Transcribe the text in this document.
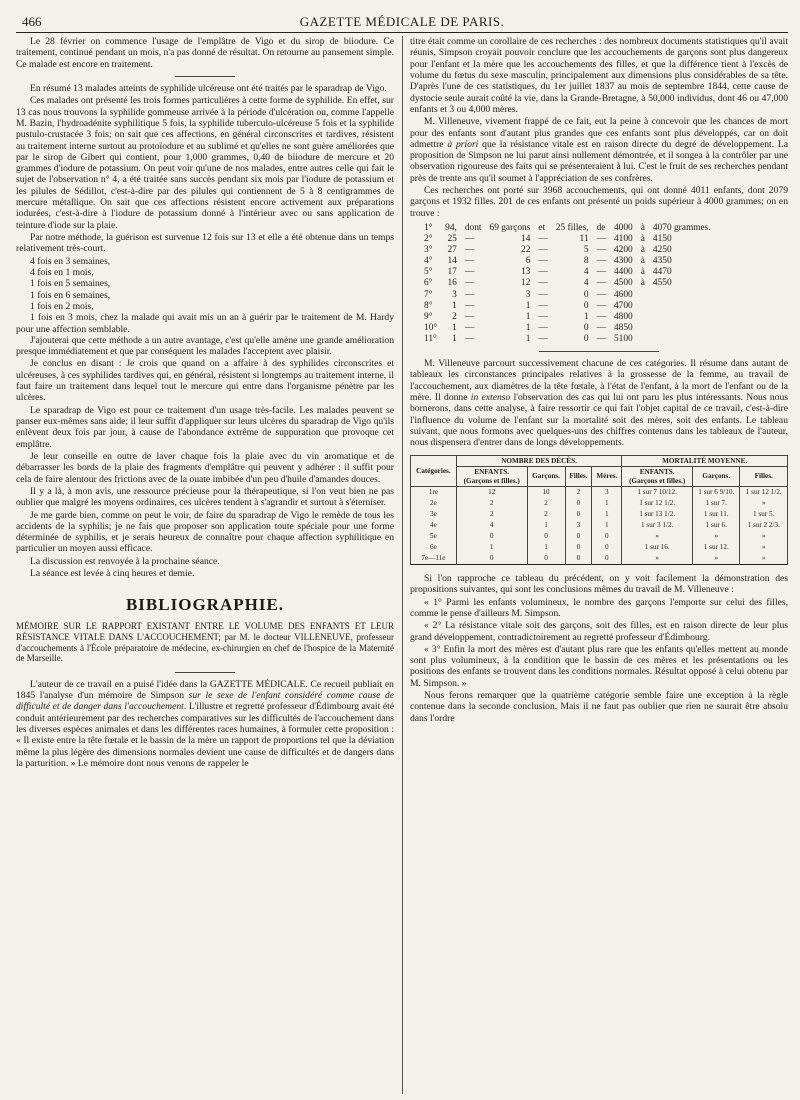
466	GAZETTE MÉDICALE DE PARIS.

Le 28 février on commence l'usage de l'emplâtre de Vigo et du sirop de biiodure. Ce traitement, continué pendant un mois, n'a pas donné de résultat. On retourne au pansement simple. Ce malade est encore en traitement.

En résumé 13 malades atteints de syphilide ulcéreuse ont été traités par le sparadrap de Vigo.

Ces malades ont présenté les trois formes particulières à cette forme de syphilide. En effet, sur 13 cas nous trouvons la syphilide gommeuse arrivée à la période d'ulcération ou, comme l'appelle M. Bazin, l'hydroadénite syphilitique 5 fois, la syphilide tuberculo-ulcéreuse 5 fois et la syphilide pustulo-crustacée 3 fois; on sait que ces affections, en général circonscrites et tardives, résistent au traitement interne surtout au protoïodure et au sublimé et qu'elles ne sont guère améliorées que par le sirop de Gibert qui contient, pour 1,000 grammes, 0,40 de biiodure de mercure et 20 grammes d'iodure de potassium. On peut voir qu'une de nos malades, entre autres celle qui fait le sujet de l'observation n° 4, a été traitée sans succès pendant six mois par l'iodure de potassium et les pilules de Sédillot, c'est-à-dire par des pilules qui contiennent de 5 à 8 centigrammes de mercure métallique. On sait que ces affections résistent encore activement aux préparations iodurées, c'est-à-dire à l'iodure de potassium donné à l'intérieur avec ou sans application de teinture d'iode sur la plaie.

Par notre méthode, la guérison est survenue 12 fois sur 13 et elle a été obtenue dans un temps relativement très-court.

4 fois en 3 semaines,

4 fois en 1 mois,

1 fois en 5 semaines,

1 fois en 6 semaines,

1 fois en 2 mois,

1 fois en 3 mois, chez la malade qui avait mis un an à guérir par le traitement de M. Hardy pour une affection semblable.

J'ajouterai que cette méthode a un autre avantage, c'est qu'elle amène une grande amélioration presque immédiatement et que par conséquent les malades l'acceptent avec plaisir.

Je conclus en disant : Je crois que quand on a affaire à des syphilides circonscrites et ulcéreuses, à ces syphilides tardives qui, en général, résistent si longtemps au traitement interne, il faut faire un traitement dans lequel tout le mercure qui entre dans l'organisme pénètre par les ulcères.

Le sparadrap de Vigo est pour ce traitement d'un usage très-facile. Les malades peuvent se panser eux-mêmes sans aide; il leur suffit d'appliquer sur leurs ulcères du sparadrap de Vigo qu'ils enlèvent deux fois par jour, à cause de l'abondance extrême de suppuration que provoque cet emplâtre.

Je leur conseille en outre de laver chaque fois la plaie avec du vin aromatique et de débarrasser les bords de la plaie des fragments d'emplâtre qui peuvent y adhérer : il suffit pour cela de faire alentour des frictions avec de la ouate imbibée d'un peu d'huile d'amandes douces.

Il y a là, à mon avis, une ressource précieuse pour la thérapeutique, si l'on veut bien ne pas oublier que malgré les moyens ordinaires, ces ulcères tendent à s'agrandir et surtout à s'éterniser.

Je me garde bien, comme on peut le voir, de faire du sparadrap de Vigo le remède de tous les accidents de la syphilis; je ne fais que proposer son application toute spéciale pour une forme déterminée de syphilis, et je serais heureux de connaître pour chaque affection syphilitique en particulier un moyen aussi efficace.

La discussion est renvoyée à la prochaine séance.

La séance est levée à cinq heures et demie.

BIBLIOGRAPHIE.

MÉMOIRE SUR LE RAPPORT EXISTANT ENTRE LE VOLUME DES ENFANTS ET LEUR RÉSISTANCE VITALE DANS L'ACCOUCHEMENT; par M. le docteur VILLENEUVE, professeur d'accouchements à l'École préparatoire de médecine, ex-chirurgien en chef de l'hospice de la Maternité de Marseille.

L'auteur de ce travail en a puisé l'idée dans la GAZETTE MÉDICALE. Ce recueil publiait en 1845 l'analyse d'un mémoire de Simpson sur le sexe de l'enfant considéré comme cause de difficulté et de danger dans l'accouchement. L'illustre et regretté professeur d'Édimbourg avait été conduit antérieurement par des recherches comparatives sur les difficultés de l'accouchement dans les diverses espèces animales et dans les différentes races humaines, à formuler cette proposition : « Il existe entre la tête fœtale et le bassin de la mère un rapport de proportions tel que la déviation même la plus légère des dimensions normales devient une cause de difficultés et de dangers dans la parturition. » Le mémoire dont nous venons de rappeler le

titre était comme un corollaire de ces recherches : des nombreux documents statistiques qu'il avait réunis, Simpson croyait pouvoir conclure que les accouchements de garçons sont plus dangereux pour l'enfant et la mère que les accouchements des filles, et que la différence tient à l'excès de volume du fœtus du sexe masculin, principalement aux dimensions plus considérables de sa tête. D'après l'une de ces statistiques, du 1er juillet 1837 au mois de septembre 1844, cette cause de dystocie seule aurait coûté la vie, dans la Grande-Bretagne, à 50,000 individus, dont 46 ou 47,000 enfants et 3 ou 4,000 mères.

M. Villeneuve, vivement frappé de ce fait, eut la peine à concevoir que les chances de mort pour des enfants sont d'autant plus grandes que ces enfants sont plus développés, car on doit admettre à priori que la résistance vitale est en raison directe du degré de développement. La proposition de Simpson ne lui parut ainsi nullement démontrée, et il songea à la contrôler par une observation rigoureuse des faits qui se présenteraient à lui. C'est le fruit de ses recherches pendant près de trente ans qu'il soumet à l'appréciation de ses confrères.

Ces recherches ont porté sur 3968 accouchements, qui ont donné 4011 enfants, dont 2079 garçons et 1932 filles. 201 de ces enfants ont présenté un poids supérieur à 4000 grammes; on en trouve :

1°	94,	dont	69 garçons	et	25 filles,	de	4000	à	4070 grammes.
2°	25	—	14	—	11	—	4100	à	4150
3°	27	—	22	—	5	—	4200	à	4250
4°	14	—	6	—	8	—	4300	à	4350
5°	17	—	13	—	4	—	4400	à	4470
6°	16	—	12	—	4	—	4500	à	4550
7°	3	—	3	—	0	—	4600		
8°	1	—	1	—	0	—	4700		
9°	2	—	1	—	1	—	4800		
10°	1	—	1	—	0	—	4850		
11°	1	—	1	—	0	—	5100		

M. Villeneuve parcourt successivement chacune de ces catégories. Il résume dans autant de tableaux les circonstances principales relatives à la grossesse de la femme, au travail de l'accouchement, aux diamètres de la tête fœtale, à l'état de l'enfant, à la mort de l'enfant ou de la mère. Il donne in extenso l'observation des cas qui lui ont paru les plus intéressants. Nous nous bornerons, dans cette analyse, à faire ressortir ce qui fait l'objet capital de ce travail, c'est-à-dire l'influence du volume de l'enfant sur la mortalité soit des mères, soit des enfants. Le tableau suivant, que nous formons avec quelques-uns des chiffres contenus dans les tableaux de l'auteur, nous dispensera d'entrer dans de longs développements.

Catégories.	NOMBRE DES DÉCÈS.				MORTALITÉ MOYENNE.		
	ENFANTS.
(Garçons et filles.)	Garçons.	Filles.	Mères.	ENFANTS.
(Garçons et filles.)	Garçons.	Filles.
1re	12	10	2	3	1 sur 7 10/12.	1 sur 6 9/10.	1 sur 12 1/2.
2e	2	2	0	1	1 sur 12 1/2.	1 sur 7.	»
3e	2	2	0	1	1 sur 13 1/2.	1 sur 11.	1 sur 5.
4e	4	1	3	1	1 sur 3 1/2.	1 sur 6.	1 sur 2 2/3.
5e	0	0	0	0	»	»	»
6e	1	1	0	0	1 sur 16.	1 sur 12.	»
7e—11e	0	0	0	0	»	»	»

Si l'on rapproche ce tableau du précédent, on y voit facilement la démonstration des propositions suivantes, qui sont les conclusions mêmes du travail de M. Villeneuve :

« 1° Parmi les enfants volumineux, le nombre des garçons l'emporte sur celui des filles, comme le pense d'ailleurs M. Simpson.

« 2° La résistance vitale soit des garçons, soit des filles, est en raison directe de leur plus grand développement, contradictoirement au regretté professeur d'Édimbourg.

« 3° Enfin la mort des mères est d'autant plus rare que les enfants qu'elles mettent au monde sont plus volumineux, à la condition que le bassin de ces mères et les présentations ou les positions des enfants se trouvent dans les conditions normales. Résultat opposé à celui obtenu par M. Simpson. »

Nous ferons remarquer que la quatrième catégorie semble faire une exception à la règle contenue dans la seconde conclusion. Mais il ne faut pas oublier que rien ne saurait être absolu dans l'ordre
